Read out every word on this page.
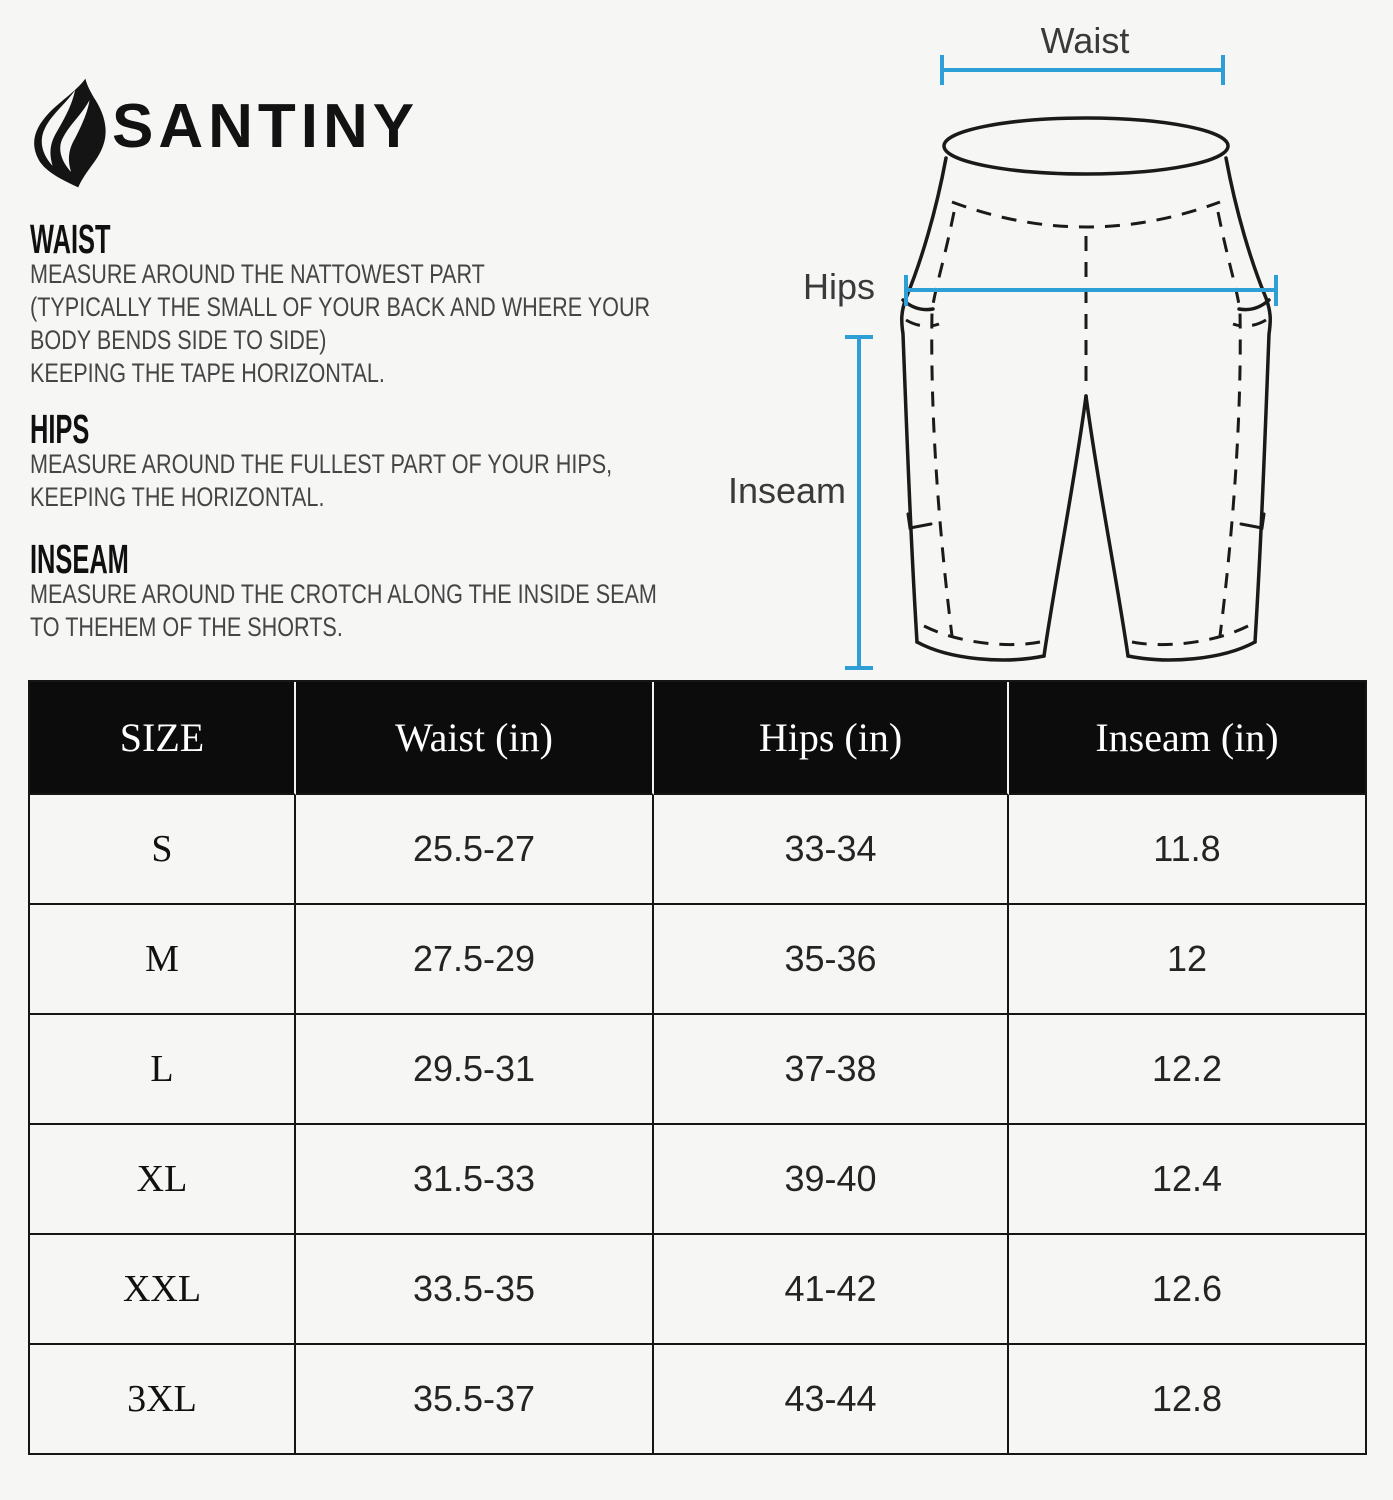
SANTINY
WAIST
MEASURE AROUND THE NATTOWEST PART
(TYPICALLY THE SMALL OF YOUR BACK AND WHERE YOUR
BODY BENDS SIDE TO SIDE)
KEEPING THE TAPE HORIZONTAL.
HIPS
MEASURE AROUND THE FULLEST PART OF YOUR HIPS,
KEEPING THE HORIZONTAL.
INSEAM
MEASURE AROUND THE CROTCH ALONG THE INSIDE SEAM
TO THEHEM OF THE SHORTS.
Waist
Hips
Inseam
SIZE	Waist (in)	Hips (in)	Inseam (in)
S	25.5-27	33-34	11.8
M	27.5-29	35-36	12
L	29.5-31	37-38	12.2
XL	31.5-33	39-40	12.4
XXL	33.5-35	41-42	12.6
3XL	35.5-37	43-44	12.8
